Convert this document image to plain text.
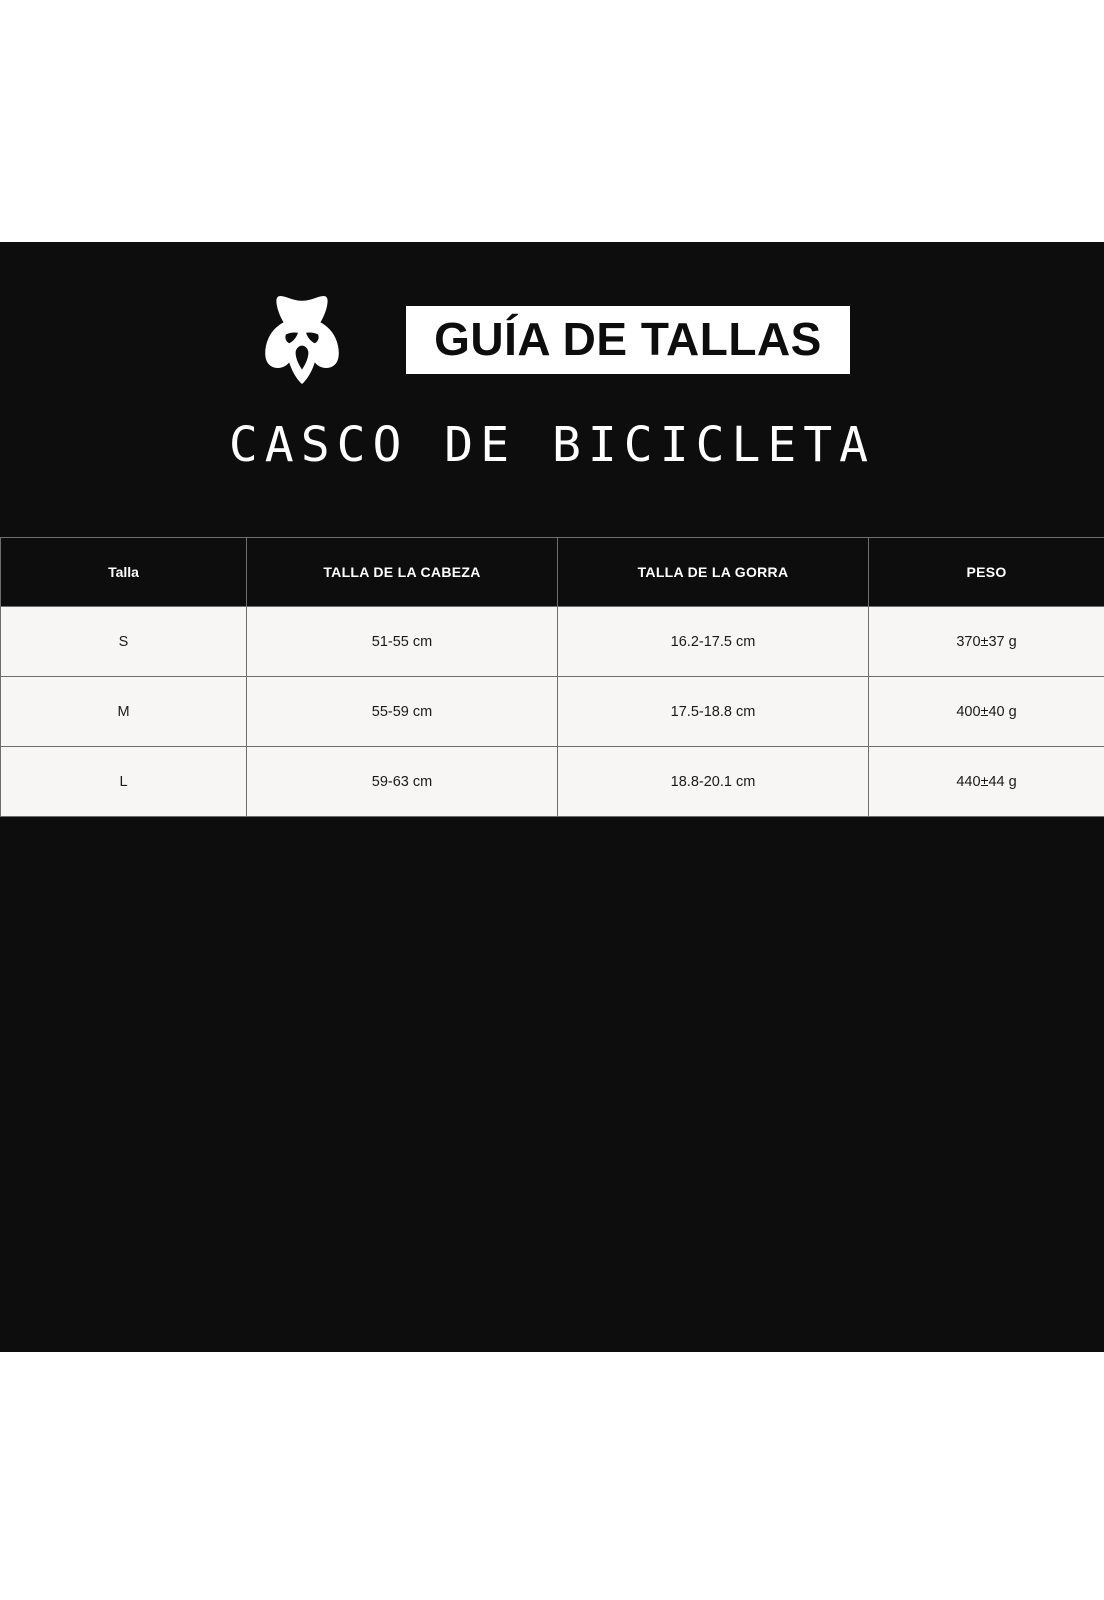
GUÍA DE TALLAS
CASCO DE BICICLETA
Talla	TALLA DE LA CABEZA	TALLA DE LA GORRA	PESO
S	51-55 cm	16.2-17.5 cm	370±37 g
M	55-59 cm	17.5-18.8 cm	400±40 g
L	59-63 cm	18.8-20.1 cm	440±44 g
